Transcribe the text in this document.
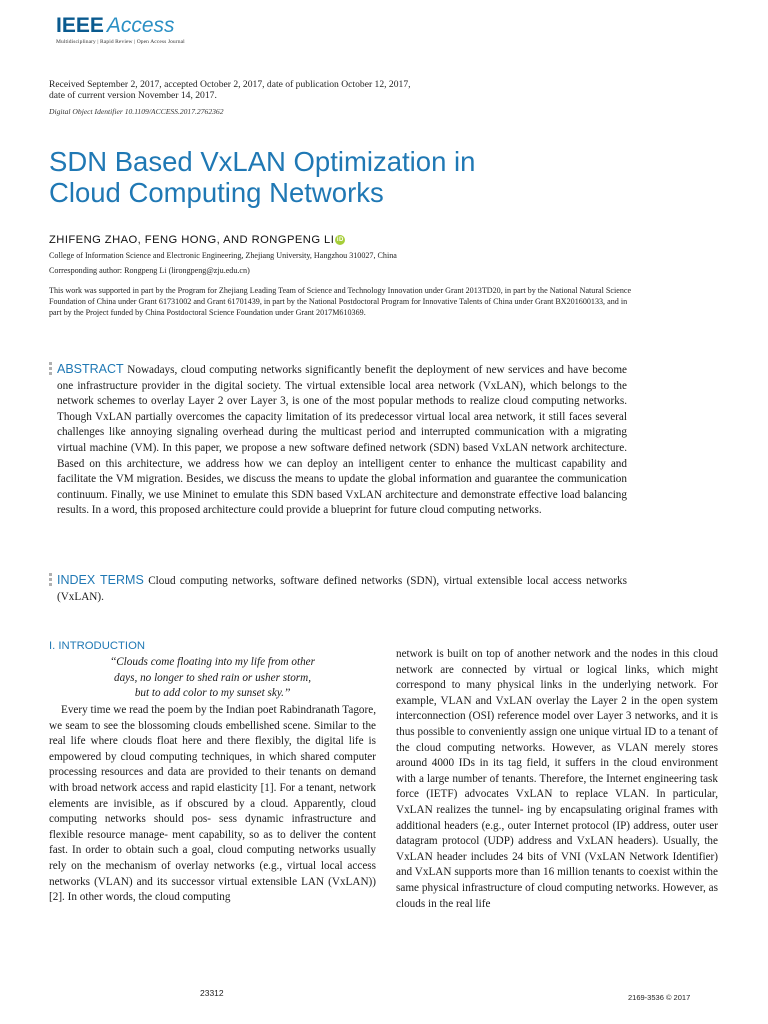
IEEE Access
Multidisciplinary | Rapid Review | Open Access Journal
Received September 2, 2017, accepted October 2, 2017, date of publication October 12, 2017,
date of current version November 14, 2017.
Digital Object Identifier 10.1109/ACCESS.2017.2762362
SDN Based VxLAN Optimization in
Cloud Computing Networks
ZHIFENG ZHAO, FENG HONG, AND RONGPENG LI iD
College of Information Science and Electronic Engineering, Zhejiang University, Hangzhou 310027, China
Corresponding author: Rongpeng Li (lirongpeng@zju.edu.cn)
This work was supported in part by the Program for Zhejiang Leading Team of Science and Technology Innovation under Grant 2013TD20, in part by the National Natural Science Foundation of China under Grant 61731002 and Grant 61701439, in part by the National Postdoctoral Program for Innovative Talents of China under Grant BX201600133, and in part by the Project funded by China Postdoctoral Science Foundation under Grant 2017M610369.
ABSTRACT Nowadays, cloud computing networks significantly benefit the deployment of new services and have become one infrastructure provider in the digital society. The virtual extensible local area network (VxLAN), which belongs to the network schemes to overlay Layer 2 over Layer 3, is one of the most popular methods to realize cloud computing networks. Though VxLAN partially overcomes the capacity limitation of its predecessor virtual local area network, it still faces several challenges like annoying signaling overhead during the multicast period and interrupted communication with a migrating virtual machine (VM). In this paper, we propose a new software defined network (SDN) based VxLAN network architecture. Based on this architecture, we address how we can deploy an intelligent center to enhance the multicast capability and facilitate the VM migration. Besides, we discuss the means to update the global information and guarantee the communication continuum. Finally, we use Mininet to emulate this SDN based VxLAN architecture and demonstrate effective load balancing results. In a word, this proposed architecture could provide a blueprint for future cloud computing networks.
INDEX TERMS Cloud computing networks, software defined networks (SDN), virtual extensible local access networks (VxLAN).
I. INTRODUCTION
‘‘Clouds come floating into my life from other
days, no longer to shed rain or usher storm,
but to add color to my sunset sky.’’
Every time we read the poem by the Indian poet Rabindranath Tagore, we seam to see the blossoming clouds embellished scene. Similar to the real life where clouds float here and there flexibly, the digital life is empowered by cloud computing techniques, in which shared computer processing resources and data are provided to their tenants on demand with broad network access and rapid elasticity [1]. For a tenant, network elements are invisible, as if obscured by a cloud. Apparently, cloud computing networks should pos- sess dynamic infrastructure and flexible resource manage- ment capability, so as to deliver the content fast. In order to obtain such a goal, cloud computing networks usually rely on the mechanism of overlay networks (e.g., virtual local access networks (VLAN) and its successor virtual extensible LAN (VxLAN)) [2]. In other words, the cloud computing
network is built on top of another network and the nodes in this cloud network are connected by virtual or logical links, which might correspond to many physical links in the underlying network. For example, VLAN and VxLAN overlay the Layer 2 in the open system interconnection (OSI) reference model over Layer 3 networks, and it is thus possible to conveniently assign one unique virtual ID to a tenant of the cloud computing networks. However, as VLAN merely stores around 4000 IDs in its tag field, it suffers in the cloud environment with a large number of tenants. Therefore, the Internet engineering task force (IETF) advocates VxLAN to replace VLAN. In particular, VxLAN realizes the tunnel- ing by encapsulating original frames with additional headers (e.g., outer Internet protocol (IP) address, outer user datagram protocol (UDP) address and VxLAN headers). Usually, the VxLAN header includes 24 bits of VNI (VxLAN Network Identifier) and VxLAN supports more than 16 million tenants to coexist within the same physical infrastructure of cloud computing networks. However, as clouds in the real life
23312	2169-3536 © 2017
